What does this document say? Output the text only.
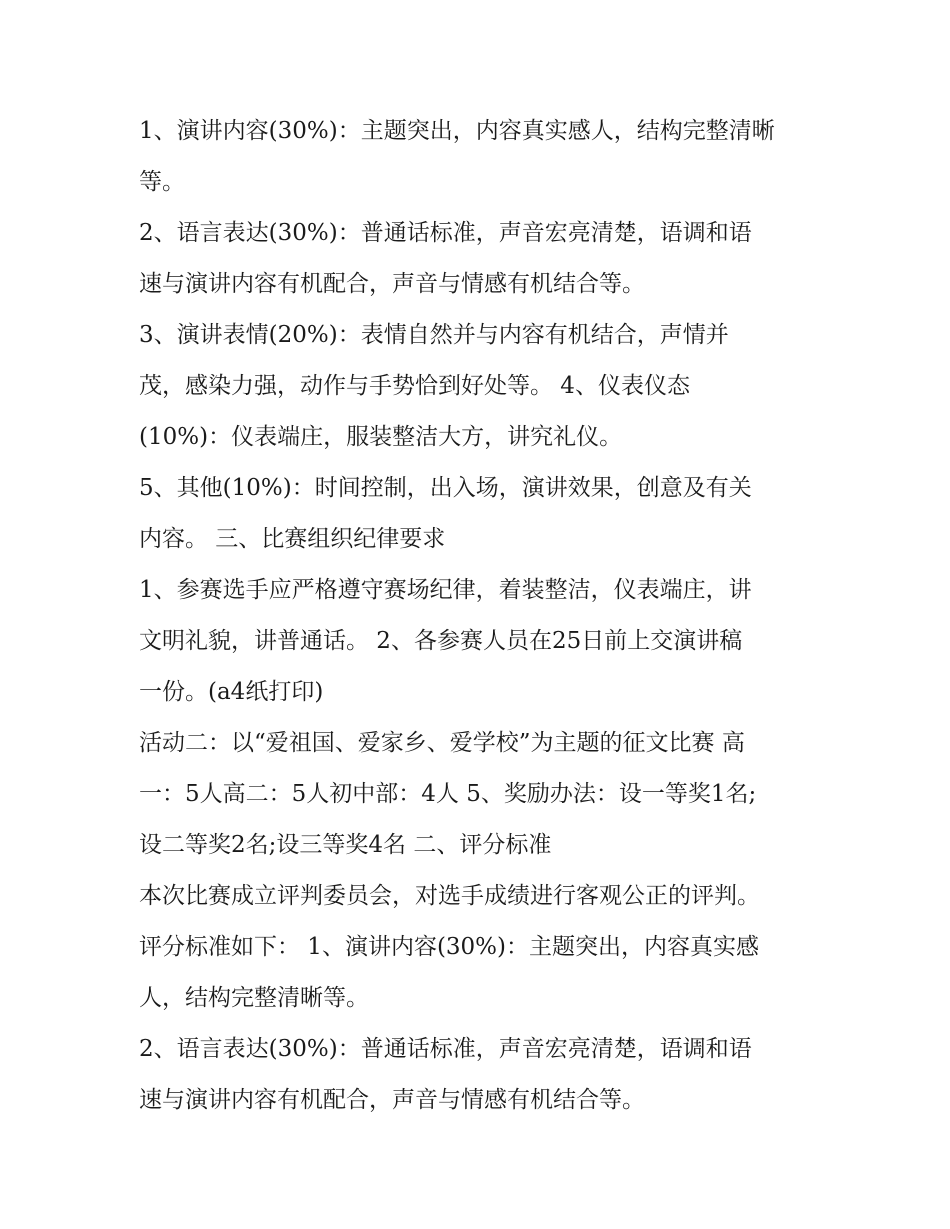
1、演讲内容(30%)：主题突出，内容真实感人，结构完整清晰
等。
2、语言表达(30%)：普通话标准，声音宏亮清楚，语调和语
速与演讲内容有机配合，声音与情感有机结合等。
3、演讲表情(20%)：表情自然并与内容有机结合，声情并
茂，感染力强，动作与手势恰到好处等。 4、仪表仪态
(10%)：仪表端庄，服装整洁大方，讲究礼仪。
5、其他(10%)：时间控制，出入场，演讲效果，创意及有关
内容。 三、比赛组织纪律要求
1、参赛选手应严格遵守赛场纪律，着装整洁，仪表端庄，讲
文明礼貌，讲普通话。 2、各参赛人员在25日前上交演讲稿
一份。(a4纸打印)
活动二：以“爱祖国、爱家乡、爱学校”为主题的征文比赛 高
一：5人高二：5人初中部：4人 5、奖励办法：设一等奖1名;
设二等奖2名;设三等奖4名 二、评分标准
本次比赛成立评判委员会，对选手成绩进行客观公正的评判。
评分标准如下： 1、演讲内容(30%)：主题突出，内容真实感
人，结构完整清晰等。
2、语言表达(30%)：普通话标准，声音宏亮清楚，语调和语
速与演讲内容有机配合，声音与情感有机结合等。
